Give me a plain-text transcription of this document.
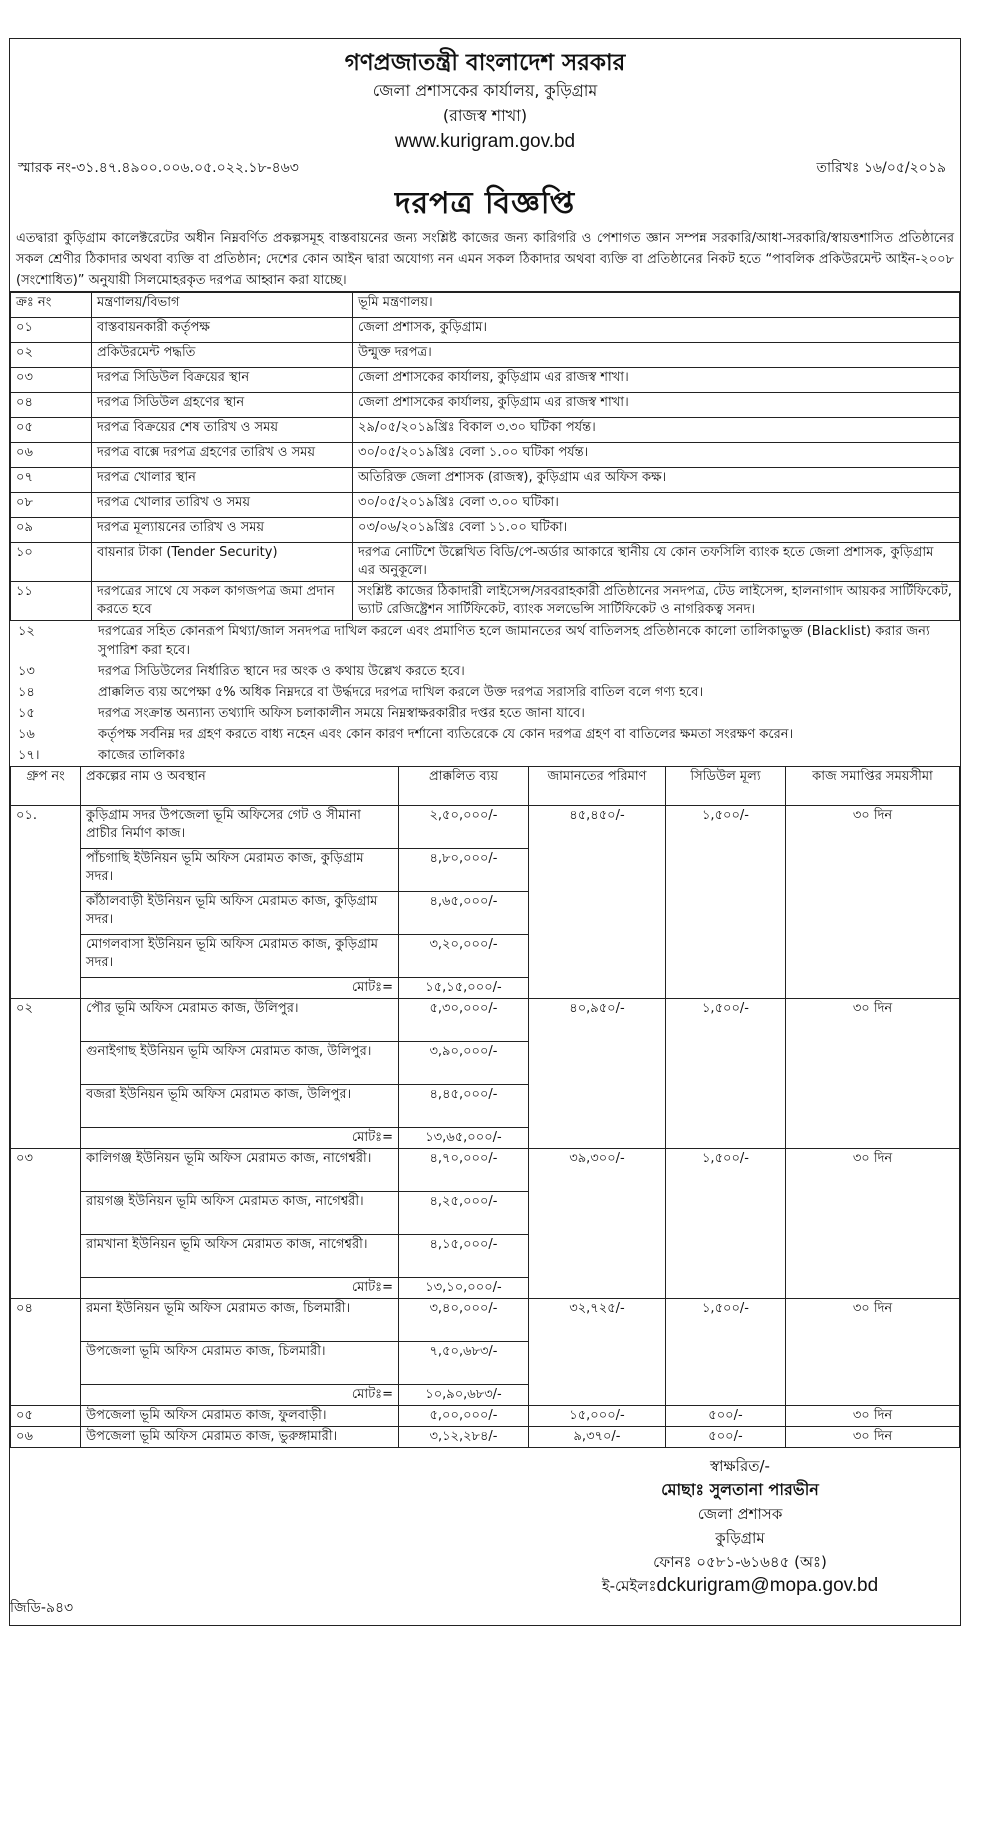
গণপ্রজাতন্ত্রী বাংলাদেশ সরকার
জেলা প্রশাসকের কার্যালয়, কুড়িগ্রাম
(রাজস্ব শাখা)
www.kurigram.gov.bd
স্মারক নং-৩১.৪৭.৪৯০০.০০৬.০৫.০২২.১৮-৪৬৩	তারিখঃ ১৬/০৫/২০১৯
দরপত্র বিজ্ঞপ্তি
এতদ্বারা কুড়িগ্রাম কালেক্টরেটের অধীন নিম্নবর্ণিত প্রকল্পসমূহ বাস্তবায়নের জন্য সংশ্লিষ্ট কাজের জন্য কারিগরি ও পেশাগত জ্ঞান সম্পন্ন সরকারি/আধা-সরকারি/স্বায়ত্তশাসিত প্রতিষ্ঠানের সকল শ্রেণীর ঠিকাদার অথবা ব্যক্তি বা প্রতিষ্ঠান; দেশের কোন আইন দ্বারা অযোগ্য নন এমন সকল ঠিকাদার অথবা ব্যক্তি বা প্রতিষ্ঠানের নিকট হতে “পাবলিক প্রকিউরমেন্ট আইন-২০০৮ (সংশোধিত)” অনুযায়ী সিলমোহরকৃত দরপত্র আহ্বান করা যাচ্ছে।
ক্রঃ নং	মন্ত্রণালয়/বিভাগ	ভূমি মন্ত্রণালয়।
০১	বাস্তবায়নকারী কর্তৃপক্ষ	জেলা প্রশাসক, কুড়িগ্রাম।
০২	প্রকিউরমেন্ট পদ্ধতি	উন্মুক্ত দরপত্র।
০৩	দরপত্র সিডিউল বিক্রয়ের স্থান	জেলা প্রশাসকের কার্যালয়, কুড়িগ্রাম এর রাজস্ব শাখা।
০৪	দরপত্র সিডিউল গ্রহণের স্থান	জেলা প্রশাসকের কার্যালয়, কুড়িগ্রাম এর রাজস্ব শাখা।
০৫	দরপত্র বিক্রয়ের শেষ তারিখ ও সময়	২৯/০৫/২০১৯খ্রিঃ বিকাল ৩.৩০ ঘটিকা পর্যন্ত।
০৬	দরপত্র বাক্সে দরপত্র গ্রহণের তারিখ ও সময়	৩০/০৫/২০১৯খ্রিঃ বেলা ১.০০ ঘটিকা পর্যন্ত।
০৭	দরপত্র খোলার স্থান	অতিরিক্ত জেলা প্রশাসক (রাজস্ব), কুড়িগ্রাম এর অফিস কক্ষ।
০৮	দরপত্র খোলার তারিখ ও সময়	৩০/০৫/২০১৯খ্রিঃ বেলা ৩.০০ ঘটিকা।
০৯	দরপত্র মূল্যায়নের তারিখ ও সময়	০৩/০৬/২০১৯খ্রিঃ বেলা ১১.০০ ঘটিকা।
১০	বায়নার টাকা (Tender Security)	দরপত্র নোটিশে উল্লেখিত বিডি/পে-অর্ডার আকারে স্থানীয় যে কোন তফসিলি ব্যাংক হতে জেলা প্রশাসক, কুড়িগ্রাম এর অনুকূলে।
১১	দরপত্রের সাথে যে সকল কাগজপত্র জমা প্রদান করতে হবে	সংশ্লিষ্ট কাজের ঠিকাদারী লাইসেন্স/সরবরাহকারী প্রতিষ্ঠানের সনদপত্র, টেড লাইসেন্স, হালনাগাদ আয়কর সার্টিফিকেট, ভ্যাট রেজিষ্ট্রেশন সার্টিফিকেট, ব্যাংক সলভেন্সি সার্টিফিকেট ও নাগরিকত্ব সনদ।
১২	দরপত্রের সহিত কোনরূপ মিথ্যা/জাল সনদপত্র দাখিল করলে এবং প্রমাণিত হলে জামানতের অর্থ বাতিলসহ প্রতিষ্ঠানকে কালো তালিকাভুক্ত (Blacklist) করার জন্য সুপারিশ করা হবে।
১৩	দরপত্র সিডিউলের নির্ধারিত স্থানে দর অংক ও কথায় উল্লেখ করতে হবে।
১৪	প্রাক্কলিত ব্যয় অপেক্ষা ৫% অধিক নিম্নদরে বা উর্দ্ধদরে দরপত্র দাখিল করলে উক্ত দরপত্র সরাসরি বাতিল বলে গণ্য হবে।
১৫	দরপত্র সংক্রান্ত অন্যান্য তথ্যাদি অফিস চলাকালীন সময়ে নিম্নস্বাক্ষরকারীর দপ্তর হতে জানা যাবে।
১৬	কর্তৃপক্ষ সর্বনিম্ন দর গ্রহণ করতে বাধ্য নহেন এবং কোন কারণ দর্শানো ব্যতিরেকে যে কোন দরপত্র গ্রহণ বা বাতিলের ক্ষমতা সংরক্ষণ করেন।
১৭।	কাজের তালিকাঃ
গ্রুপ নং	প্রকল্পের নাম ও অবস্থান	প্রাক্কলিত ব্যয়	জামানতের পরিমাণ	সিডিউল মূল্য	কাজ সমাপ্তির সময়সীমা
০১.	কুড়িগ্রাম সদর উপজেলা ভূমি অফিসের গেট ও সীমানা প্রাচীর নির্মাণ কাজ।	২,৫০,০০০/-	৪৫,৪৫০/-	১,৫০০/-	৩০ দিন
	পাঁচগাছি ইউনিয়ন ভূমি অফিস মেরামত কাজ, কুড়িগ্রাম সদর।	৪,৮০,০০০/-			
	কাঁঠালবাড়ী ইউনিয়ন ভূমি অফিস মেরামত কাজ, কুড়িগ্রাম সদর।	৪,৬৫,০০০/-			
	মোগলবাসা ইউনিয়ন ভূমি অফিস মেরামত কাজ, কুড়িগ্রাম সদর।	৩,২০,০০০/-			
	মোটঃ=	১৫,১৫,০০০/-			
০২	পৌর ভূমি অফিস মেরামত কাজ, উলিপুর।	৫,৩০,০০০/-	৪০,৯৫০/-	১,৫০০/-	৩০ দিন
	গুনাইগাছ ইউনিয়ন ভূমি অফিস মেরামত কাজ, উলিপুর।	৩,৯০,০০০/-			
	বজরা ইউনিয়ন ভূমি অফিস মেরামত কাজ, উলিপুর।	৪,৪৫,০০০/-			
	মোটঃ=	১৩,৬৫,০০০/-			
০৩	কালিগঞ্জ ইউনিয়ন ভূমি অফিস মেরামত কাজ, নাগেশ্বরী।	৪,৭০,০০০/-	৩৯,৩০০/-	১,৫০০/-	৩০ দিন
	রায়গঞ্জ ইউনিয়ন ভূমি অফিস মেরামত কাজ, নাগেশ্বরী।	৪,২৫,০০০/-			
	রামখানা ইউনিয়ন ভূমি অফিস মেরামত কাজ, নাগেশ্বরী।	৪,১৫,০০০/-			
	মোটঃ=	১৩,১০,০০০/-			
০৪	রমনা ইউনিয়ন ভূমি অফিস মেরামত কাজ, চিলমারী।	৩,৪০,০০০/-	৩২,৭২৫/-	১,৫০০/-	৩০ দিন
	উপজেলা ভূমি অফিস মেরামত কাজ, চিলমারী।	৭,৫০,৬৮৩/-			
	মোটঃ=	১০,৯০,৬৮৩/-			
০৫	উপজেলা ভূমি অফিস মেরামত কাজ, ফুলবাড়ী।	৫,০০,০০০/-	১৫,০০০/-	৫০০/-	৩০ দিন
০৬	উপজেলা ভূমি অফিস মেরামত কাজ, ভুরুঙ্গামারী।	৩,১২,২৮৪/-	৯,৩৭০/-	৫০০/-	৩০ দিন
স্বাক্ষরিত/-
মোছাঃ সুলতানা পারভীন
জেলা প্রশাসক
কুড়িগ্রাম
ফোনঃ ০৫৮১-৬১৬৪৫ (অঃ)
ই-মেইলঃdckurigram@mopa.gov.bd
জিডি-৯৪৩
